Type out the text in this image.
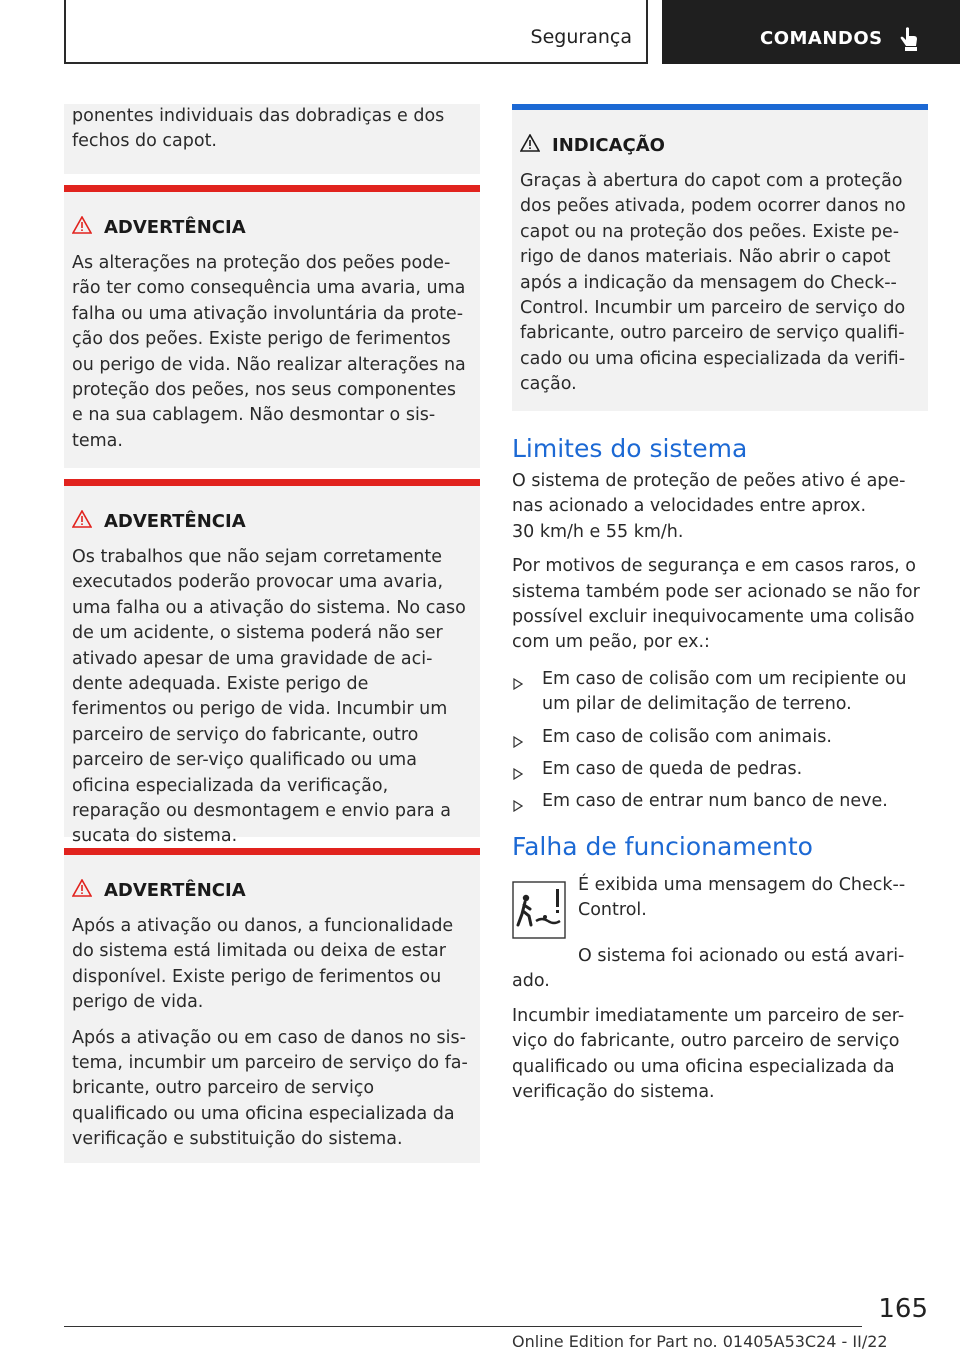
Segurança	COMANDOS

ponentes individuais das dobradiças e dos fechos do capot.

ADVERTÊNCIA

As alterações na proteção dos peões pode-rão ter como consequência uma avaria, uma falha ou uma ativação involuntária da prote-ção dos peões. Existe perigo de ferimentos ou perigo de vida. Não realizar alterações na proteção dos peões, nos seus componentes e na sua cablagem. Não desmontar o sis-tema.

ADVERTÊNCIA

Os trabalhos que não sejam corretamente executados poderão provocar uma avaria, uma falha ou a ativação do sistema. No caso de um acidente, o sistema poderá não ser ativado apesar de uma gravidade de aci-dente adequada. Existe perigo de ferimentos ou perigo de vida. Incumbir um parceiro de serviço do fabricante, outro parceiro de ser-viço qualificado ou uma oficina especializada da verificação, reparação ou desmontagem e envio para a sucata do sistema.

ADVERTÊNCIA

Após a ativação ou danos, a funcionalidade do sistema está limitada ou deixa de estar disponível. Existe perigo de ferimentos ou perigo de vida.

Após a ativação ou em caso de danos no sis-tema, incumbir um parceiro de serviço do fa-bricante, outro parceiro de serviço qualificado ou uma oficina especializada da verificação e substituição do sistema.

INDICAÇÃO

Graças à abertura do capot com a proteção dos peões ativada, podem ocorrer danos no capot ou na proteção dos peões. Existe pe-rigo de danos materiais. Não abrir o capot após a indicação da mensagem do Check--Control. Incumbir um parceiro de serviço do fabricante, outro parceiro de serviço qualifi-cado ou uma oficina especializada da verifi-cação.

Limites do sistema

O sistema de proteção de peões ativo é ape-nas acionado a velocidades entre aprox.

30 km/h e 55 km/h.

Por motivos de segurança e em casos raros, o sistema também pode ser acionado se não for possível excluir inequivocamente uma colisão com um peão, por ex.:

Em caso de colisão com um recipiente ou um pilar de delimitação de terreno.
Em caso de colisão com animais.
Em caso de queda de pedras.
Em caso de entrar num banco de neve.
Falha de funcionamento

É exibida uma mensagem do Check--Control.

O sistema foi acionado ou está avari-ado.

Incumbir imediatamente um parceiro de ser-viço do fabricante, outro parceiro de serviço qualificado ou uma oficina especializada da verificação do sistema.

165
Online Edition for Part no. 01405A53C24 - II/22
